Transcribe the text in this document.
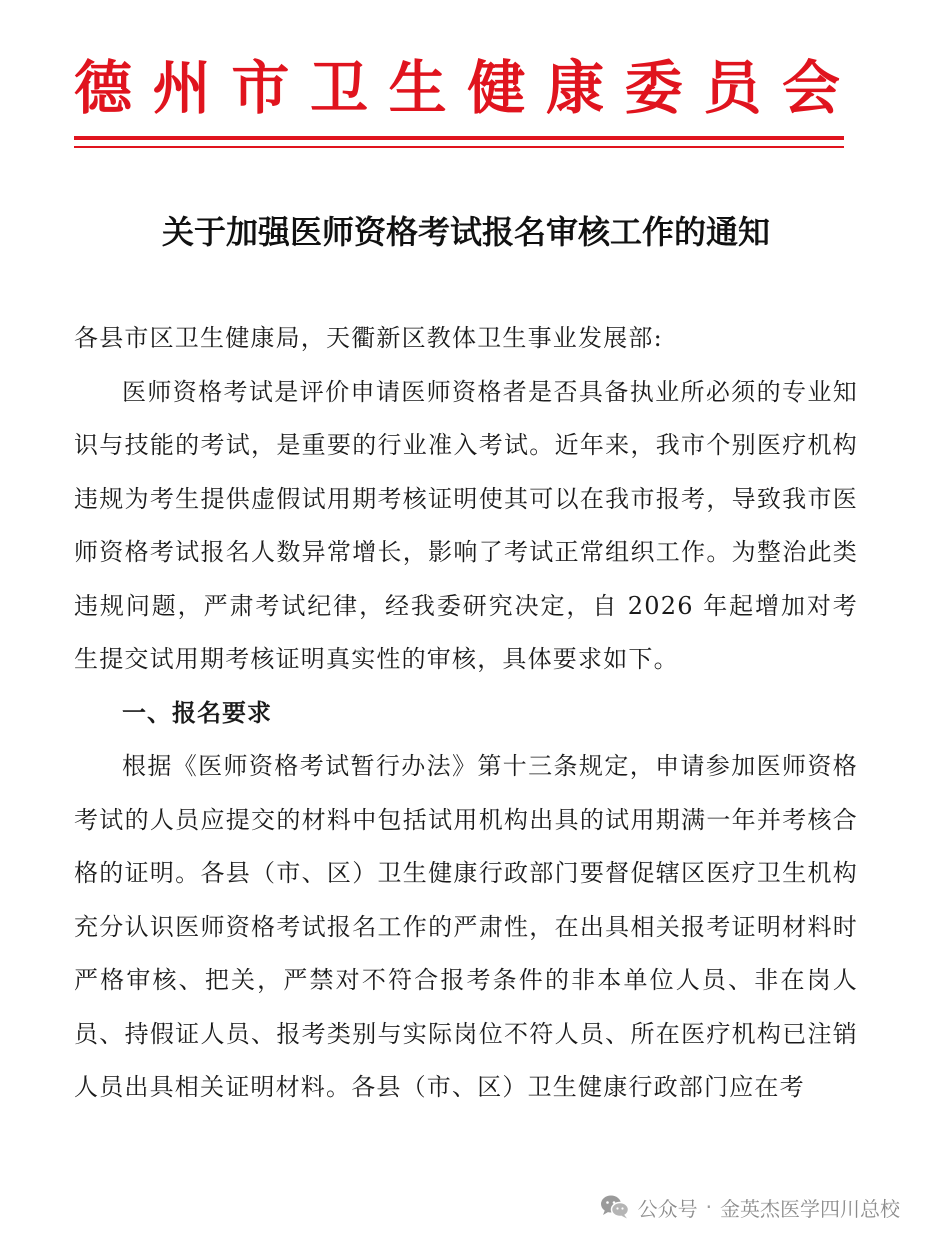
德州市卫生健康委员会
关于加强医师资格考试报名审核工作的通知

各县市区卫生健康局，天衢新区教体卫生事业发展部:

医师资格考试是评价申请医师资格者是否具备执业所必须的专业知识与技能的考试，是重要的行业准入考试。近年来，我市个别医疗机构违规为考生提供虚假试用期考核证明使其可以在我市报考，导致我市医师资格考试报名人数异常增长，影响了考试正常组织工作。为整治此类违规问题，严肃考试纪律，经我委研究决定，自 2026 年起增加对考生提交试用期考核证明真实性的审核，具体要求如下。

一、报名要求

根据《医师资格考试暂行办法》第十三条规定，申请参加医师资格考试的人员应提交的材料中包括试用机构出具的试用期满一年并考核合格的证明。各县（市、区）卫生健康行政部门要督促辖区医疗卫生机构充分认识医师资格考试报名工作的严肃性，在出具相关报考证明材料时严格审核、把关，严禁对不符合报考条件的非本单位人员、非在岗人员、持假证人员、报考类别与实际岗位不符人员、所在医疗机构已注销人员出具相关证明材料。各县（市、区）卫生健康行政部门应在考

公众号 · 金英杰医学四川总校
